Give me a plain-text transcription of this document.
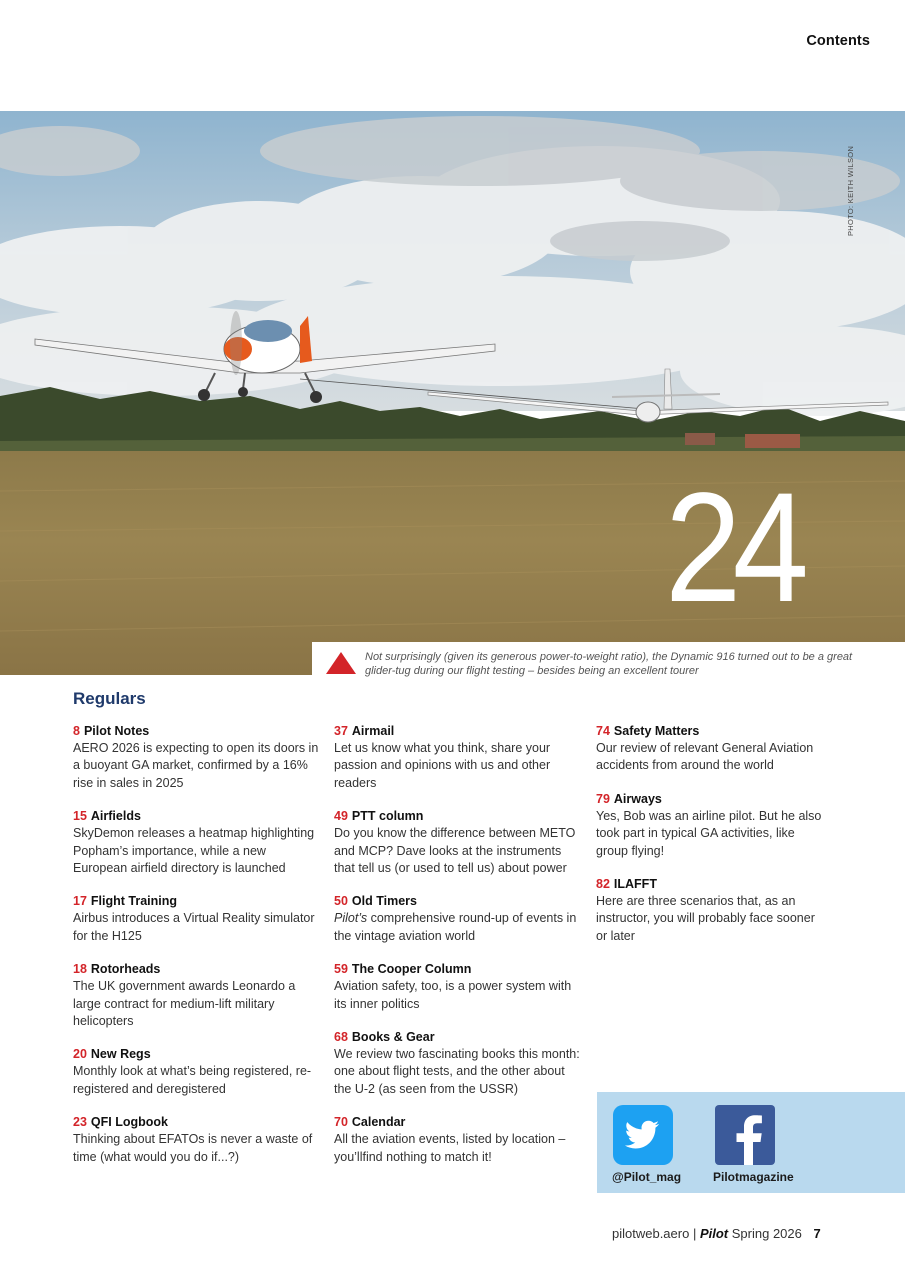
Contents
PHOTO: KEITH WILSON
24
Not surprisingly (given its generous power-to-weight ratio), the Dynamic 916 turned out to be a great glider-tug during our flight testing – besides being an excellent tourer
Regulars
8 Pilot Notes
AERO 2026 is expecting to open its doors in a buoyant GA market, confirmed by a 16% rise in sales in 2025
15 Airfields
SkyDemon releases a heatmap highlighting Popham’s importance, while a new European airfield directory is launched
17 Flight Training
Airbus introduces a Virtual Reality simulator for the H125
18 Rotorheads
The UK government awards Leonardo a large contract for medium-lift military helicopters
20 New Regs
Monthly look at what’s being registered, re-registered and deregistered
23 QFI Logbook
Thinking about EFATOs is never a waste of time (what would you do if...?)
37 Airmail
Let us know what you think, share your passion and opinions with us and other readers
49 PTT column
Do you know the difference between METO and MCP? Dave looks at the instruments that tell us (or used to tell us) about power
50 Old Timers
Pilot’s comprehensive round-up of events in the vintage aviation world
59 The Cooper Column
Aviation safety, too, is a power system with its inner politics
68 Books & Gear
We review two fascinating books this month: one about flight tests, and the other about the U-2 (as seen from the USSR)
70 Calendar
All the aviation events, listed by location – you’llfind nothing to match it!
74 Safety Matters
Our review of relevant General Aviation accidents from around the world
79 Airways
Yes, Bob was an airline pilot. But he also took part in typical GA activities, like group flying!
82 ILAFFT
Here are three scenarios that, as an instructor, you will probably face sooner or later
@Pilot_mag	Pilotmagazine
pilotweb.aero | Pilot Spring 2026 7
